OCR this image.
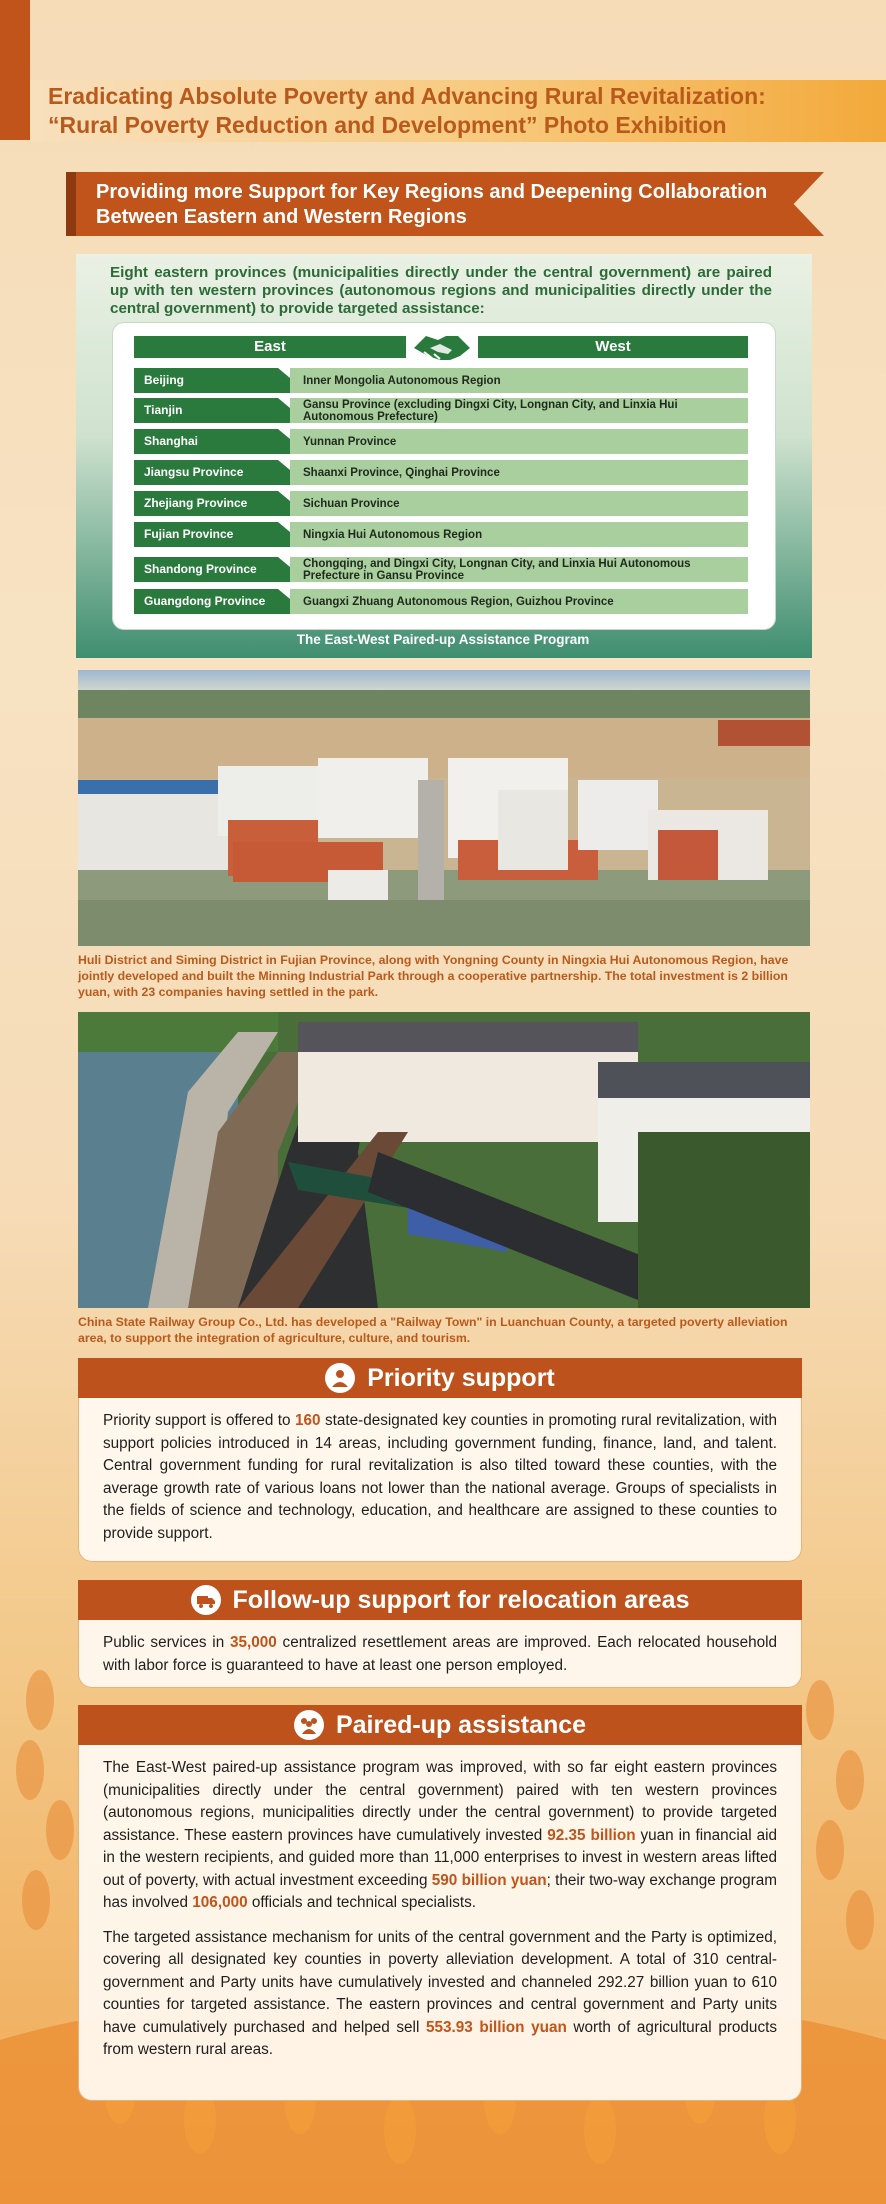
Eradicating Absolute Poverty and Advancing Rural Revitalization:
“Rural Poverty Reduction and Development” Photo Exhibition
Providing more Support for Key Regions and Deepening Collaboration
Between Eastern and Western Regions
Eight eastern provinces (municipalities directly under the central government) are paired up with ten western provinces (autonomous regions and municipalities directly under the central government) to provide targeted assistance:
East	West
Beijing	Inner Mongolia Autonomous Region
Tianjin	Gansu Province (excluding Dingxi City, Longnan City, and Linxia Hui Autonomous Prefecture)
Shanghai	Yunnan Province
Jiangsu Province	Shaanxi Province, Qinghai Province
Zhejiang Province	Sichuan Province
Fujian Province	Ningxia Hui Autonomous Region
Shandong Province	Chongqing, and Dingxi City, Longnan City, and Linxia Hui Autonomous Prefecture in Gansu Province
Guangdong Province	Guangxi Zhuang Autonomous Region, Guizhou Province
The East-West Paired-up Assistance Program
Huli District and Siming District in Fujian Province, along with Yongning County in Ningxia Hui Autonomous Region, have jointly developed and built the Minning Industrial Park through a cooperative partnership. The total investment is 2 billion yuan, with 23 companies having settled in the park.
China State Railway Group Co., Ltd. has developed a "Railway Town" in Luanchuan County, a targeted poverty alleviation area, to support the integration of agriculture, culture, and tourism.
Priority support

Priority support is offered to 160 state-designated key counties in promoting rural revitalization, with support policies introduced in 14 areas, including government funding, finance, land, and talent. Central government funding for rural revitalization is also tilted toward these counties, with the average growth rate of various loans not lower than the national average. Groups of specialists in the fields of science and technology, education, and healthcare are assigned to these counties to provide support.

Follow-up support for relocation areas

Public services in 35,000 centralized resettlement areas are improved. Each relocated household with labor force is guaranteed to have at least one person employed.

Paired-up assistance

The East-West paired-up assistance program was improved, with so far eight eastern provinces (municipalities directly under the central government) paired with ten western provinces (autonomous regions, municipalities directly under the central government) to provide targeted assistance. These eastern provinces have cumulatively invested 92.35 billion yuan in financial aid in the western recipients, and guided more than 11,000 enterprises to invest in western areas lifted out of poverty, with actual investment exceeding 590 billion yuan; their two-way exchange program has involved 106,000 officials and technical specialists.

The targeted assistance mechanism for units of the central government and the Party is optimized, covering all designated key counties in poverty alleviation development. A total of 310 central-government and Party units have cumulatively invested and channeled 292.27 billion yuan to 610 counties for targeted assistance. The eastern provinces and central government and Party units have cumulatively purchased and helped sell 553.93 billion yuan worth of agricultural products from western rural areas.
